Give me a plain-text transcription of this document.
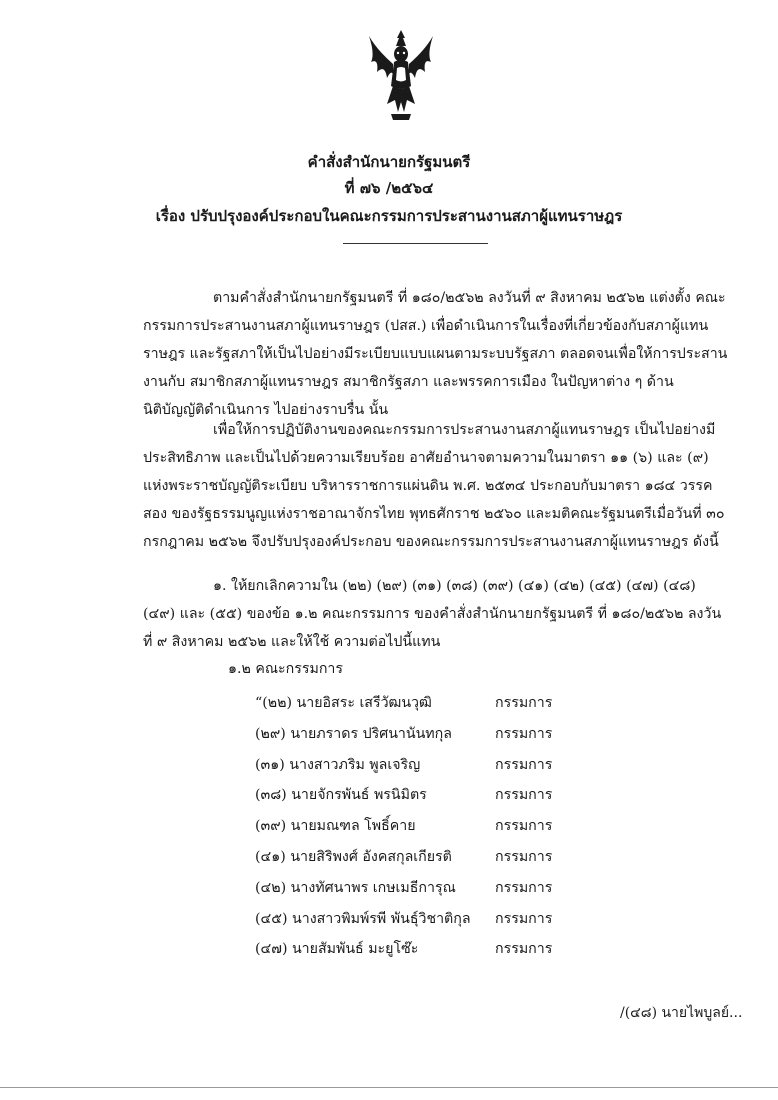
คำสั่งสำนักนายกรัฐมนตรี
ที่ ๗๖ /๒๕๖๔
เรื่อง ปรับปรุงองค์ประกอบในคณะกรรมการประสานงานสภาผู้แทนราษฎร

ตามคำสั่งสำนักนายกรัฐมนตรี ที่ ๑๘๐/๒๕๖๒ ลงวันที่ ๙ สิงหาคม ๒๕๖๒ แต่งตั้ง คณะกรรมการประสานงานสภาผู้แทนราษฎร (ปสส.) เพื่อดำเนินการในเรื่องที่เกี่ยวข้องกับสภาผู้แทนราษฎร และรัฐสภาให้เป็นไปอย่างมีระเบียบแบบแผนตามระบบรัฐสภา ตลอดจนเพื่อให้การประสานงานกับ สมาชิกสภาผู้แทนราษฎร สมาชิกรัฐสภา และพรรคการเมือง ในปัญหาต่าง ๆ ด้านนิติบัญญัติดำเนินการ ไปอย่างราบรื่น นั้น

เพื่อให้การปฏิบัติงานของคณะกรรมการประสานงานสภาผู้แทนราษฎร เป็นไปอย่างมีประสิทธิภาพ และเป็นไปด้วยความเรียบร้อย อาศัยอำนาจตามความในมาตรา ๑๑ (๖) และ (๙) แห่งพระราชบัญญัติระเบียบ บริหารราชการแผ่นดิน พ.ศ. ๒๕๓๔ ประกอบกับมาตรา ๑๘๔ วรรคสอง ของรัฐธรรมนูญแห่งราชอาณาจักรไทย พุทธศักราช ๒๕๖๐ และมติคณะรัฐมนตรีเมื่อวันที่ ๓๐ กรกฎาคม ๒๕๖๒ จึงปรับปรุงองค์ประกอบ ของคณะกรรมการประสานงานสภาผู้แทนราษฎร ดังนี้

๑. ให้ยกเลิกความใน (๒๒) (๒๙) (๓๑) (๓๘) (๓๙) (๔๑) (๔๒) (๔๕) (๔๗) (๔๘) (๔๙) และ (๕๕) ของข้อ ๑.๒ คณะกรรมการ ของคำสั่งสำนักนายกรัฐมนตรี ที่ ๑๘๐/๒๕๖๒ ลงวันที่ ๙ สิงหาคม ๒๕๖๒ และให้ใช้ ความต่อไปนี้แทน

๑.๒ คณะกรรมการ
“(๒๒) นายอิสระ เสรีวัฒนวุฒิ	กรรมการ
(๒๙) นายภราดร ปริศนานันทกุล	กรรมการ
(๓๑) นางสาวภริม พูลเจริญ	กรรมการ
(๓๘) นายจักรพันธ์ พรนิมิตร	กรรมการ
(๓๙) นายมณฑล โพธิ์คาย	กรรมการ
(๔๑) นายสิริพงศ์ อังคสกุลเกียรติ	กรรมการ
(๔๒) นางทัศนาพร เกษเมธีการุณ	กรรมการ
(๔๕) นางสาวพิมพ์รพี พันธุ์วิชาติกุล กรรมการ
(๔๗) นายสัมพันธ์ มะยูโซ๊ะ	กรรมการ
/(๔๘) นายไพบูลย์...
